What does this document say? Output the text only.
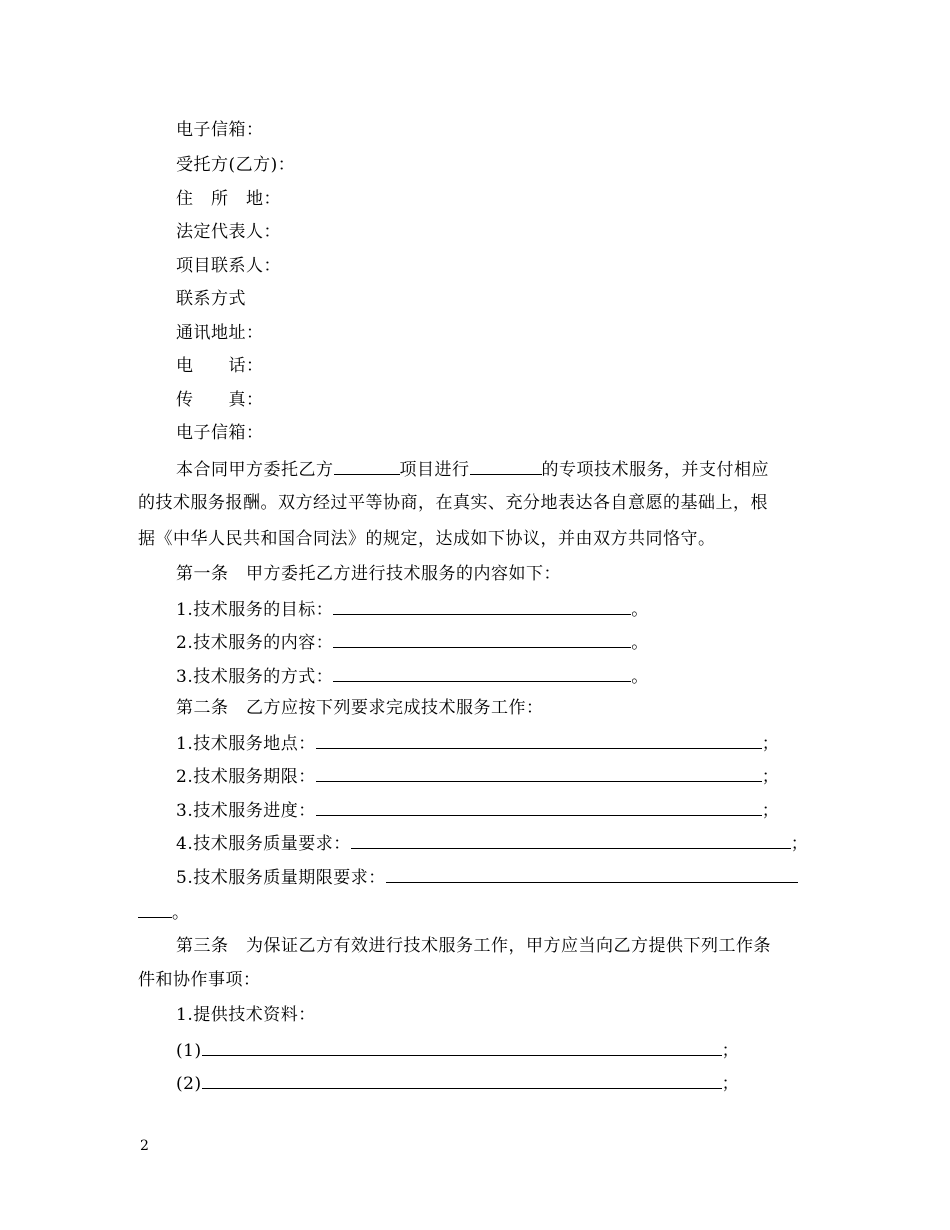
电子信箱：
受托方(乙方)：
住　所　地：
法定代表人：
项目联系人：
联系方式
通讯地址：
电　　话：
传　　真：
电子信箱：
本合同甲方委托乙方	项目进行	的专项技术服务，并支付相应
的技术服务报酬。双方经过平等协商，在真实、充分地表达各自意愿的基础上，根
据《中华人民共和国合同法》的规定，达成如下协议，并由双方共同恪守。
第一条　甲方委托乙方进行技术服务的内容如下：
1.技术服务的目标：	。
2.技术服务的内容：	。
3.技术服务的方式：	。
第二条　乙方应按下列要求完成技术服务工作：
1.技术服务地点：	；
2.技术服务期限：	；
3.技术服务进度：	；
4.技术服务质量要求：	；
5.技术服务质量期限要求：
。
第三条　为保证乙方有效进行技术服务工作，甲方应当向乙方提供下列工作条
件和协作事项：
1.提供技术资料：
(1)	；
(2)	；
2
